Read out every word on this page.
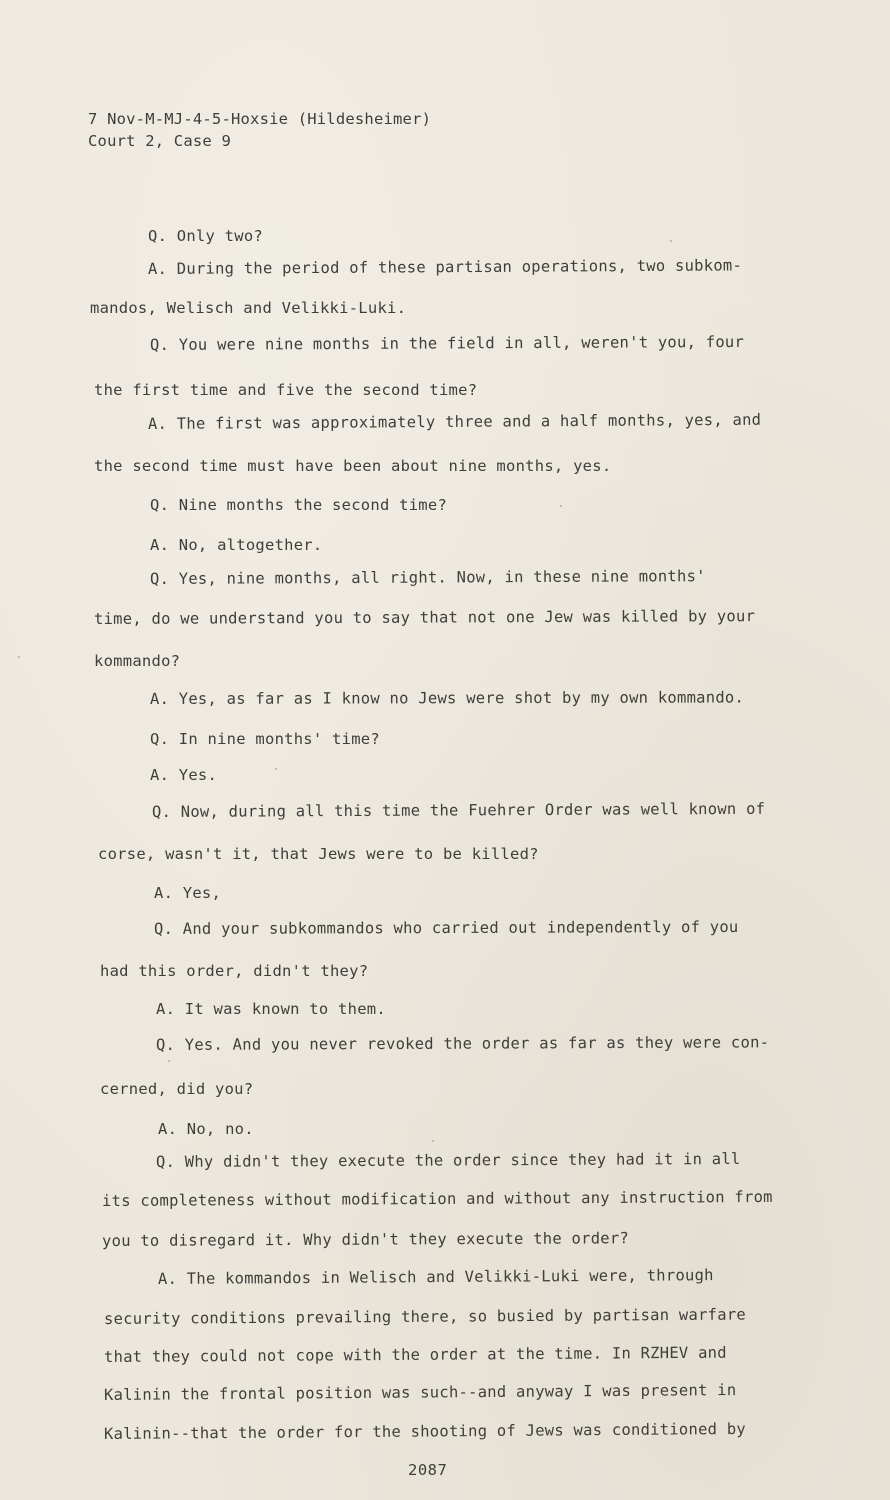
7 Nov-M-MJ-4-5-Hoxsie (Hildesheimer)
Court 2, Case 9
Q. Only two?
A. During the period of these partisan operations, two subkom-
mandos, Welisch and Velikki-Luki.
Q. You were nine months in the field in all, weren't you, four
the first time and five the second time?
A. The first was approximately three and a half months, yes, and
the second time must have been about nine months, yes.
Q. Nine months the second time?
A. No, altogether.
Q. Yes, nine months, all right. Now, in these nine months'
time, do we understand you to say that not one Jew was killed by your
kommando?
A. Yes, as far as I know no Jews were shot by my own kommando.
Q. In nine months' time?
A. Yes.
Q. Now, during all this time the Fuehrer Order was well known of
corse, wasn't it, that Jews were to be killed?
A. Yes,
Q. And your subkommandos who carried out independently of you
had this order, didn't they?
A. It was known to them.
Q. Yes. And you never revoked the order as far as they were con-
cerned, did you?
A. No, no.
Q. Why didn't they execute the order since they had it in all
its completeness without modification and without any instruction from
you to disregard it. Why didn't they execute the order?
A. The kommandos in Welisch and Velikki-Luki were, through
security conditions prevailing there, so busied by partisan warfare
that they could not cope with the order at the time. In RZHEV and
Kalinin the frontal position was such--and anyway I was present in
Kalinin--that the order for the shooting of Jews was conditioned by
2087
